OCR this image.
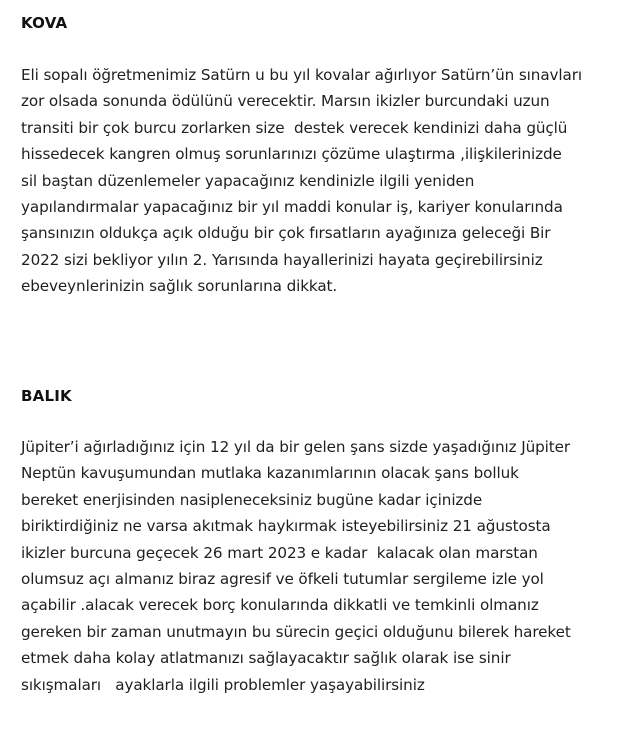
KOVA

Eli sopalı öğretmenimiz Satürn u bu yıl kovalar ağırlıyor Satürn’ün sınavları
zor olsada sonunda ödülünü verecektir. Marsın ikizler burcundaki uzun
transiti bir çok burcu zorlarken size  destek verecek kendinizi daha güçlü
hissedecek kangren olmuş sorunlarınızı çözüme ulaştırma ,ilişkilerinizde
sil baştan düzenlemeler yapacağınız kendinizle ilgili yeniden
yapılandırmalar yapacağınız bir yıl maddi konular iş, kariyer konularında
şansınızın oldukça açık olduğu bir çok fırsatların ayağınıza geleceği Bir
2022 sizi bekliyor yılın 2. Yarısında hayallerinizi hayata geçirebilirsiniz
ebeveynlerinizin sağlık sorunlarına dikkat.

BALIK

Jüpiter’i ağırladığınız için 12 yıl da bir gelen şans sizde yaşadığınız Jüpiter
Neptün kavuşumundan mutlaka kazanımlarının olacak şans bolluk
bereket enerjisinden nasipleneceksiniz bugüne kadar içinizde
biriktirdiğiniz ne varsa akıtmak haykırmak isteyebilirsiniz 21 ağustosta
ikizler burcuna geçecek 26 mart 2023 e kadar  kalacak olan marstan
olumsuz açı almanız biraz agresif ve öfkeli tutumlar sergileme izle yol
açabilir .alacak verecek borç konularında dikkatli ve temkinli olmanız
gereken bir zaman unutmayın bu sürecin geçici olduğunu bilerek hareket
etmek daha kolay atlatmanızı sağlayacaktır sağlık olarak ise sinir
sıkışmaları   ayaklarla ilgili problemler yaşayabilirsiniz
